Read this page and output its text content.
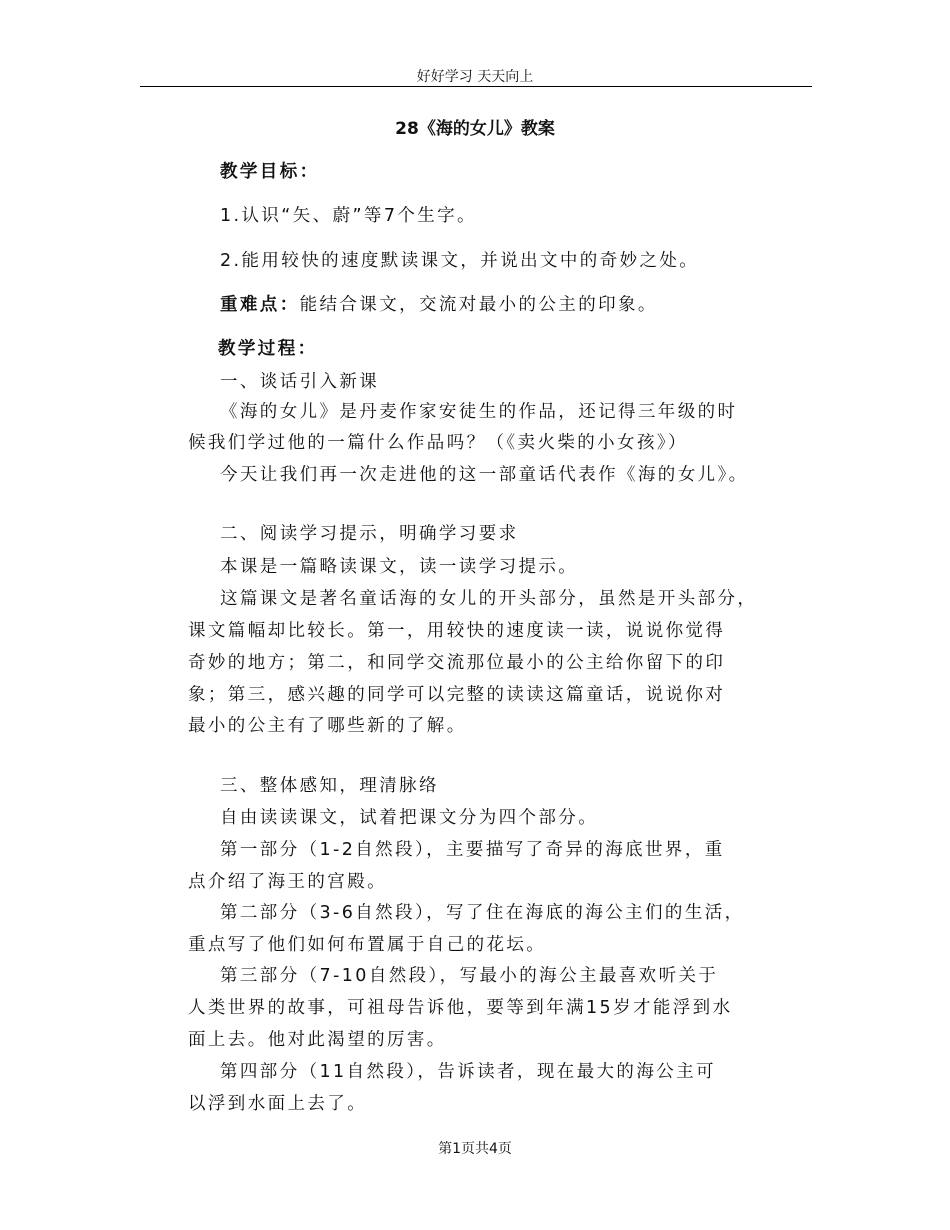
好好学习 天天向上
28《海的女儿》教案
教学目标：
1.认识“矢、蔚”等7个生字。
2.能用较快的速度默读课文，并说出文中的奇妙之处。
重难点：能结合课文，交流对最小的公主的印象。
教学过程：
一、谈话引入新课
《海的女儿》是丹麦作家安徒生的作品，还记得三年级的时
候我们学过他的一篇什么作品吗？（《卖火柴的小女孩》）
今天让我们再一次走进他的这一部童话代表作《海的女儿》。
二、阅读学习提示，明确学习要求
本课是一篇略读课文，读一读学习提示。
这篇课文是著名童话海的女儿的开头部分，虽然是开头部分，
课文篇幅却比较长。第一，用较快的速度读一读，说说你觉得
奇妙的地方；第二，和同学交流那位最小的公主给你留下的印
象；第三，感兴趣的同学可以完整的读读这篇童话，说说你对
最小的公主有了哪些新的了解。
三、整体感知，理清脉络
自由读读课文，试着把课文分为四个部分。
第一部分（1-2自然段），主要描写了奇异的海底世界，重
点介绍了海王的宫殿。
第二部分（3-6自然段），写了住在海底的海公主们的生活，
重点写了他们如何布置属于自己的花坛。
第三部分（7-10自然段），写最小的海公主最喜欢听关于
人类世界的故事，可祖母告诉他，要等到年满15岁才能浮到水
面上去。他对此渴望的厉害。
第四部分（11自然段），告诉读者，现在最大的海公主可
以浮到水面上去了。
第1页共4页
